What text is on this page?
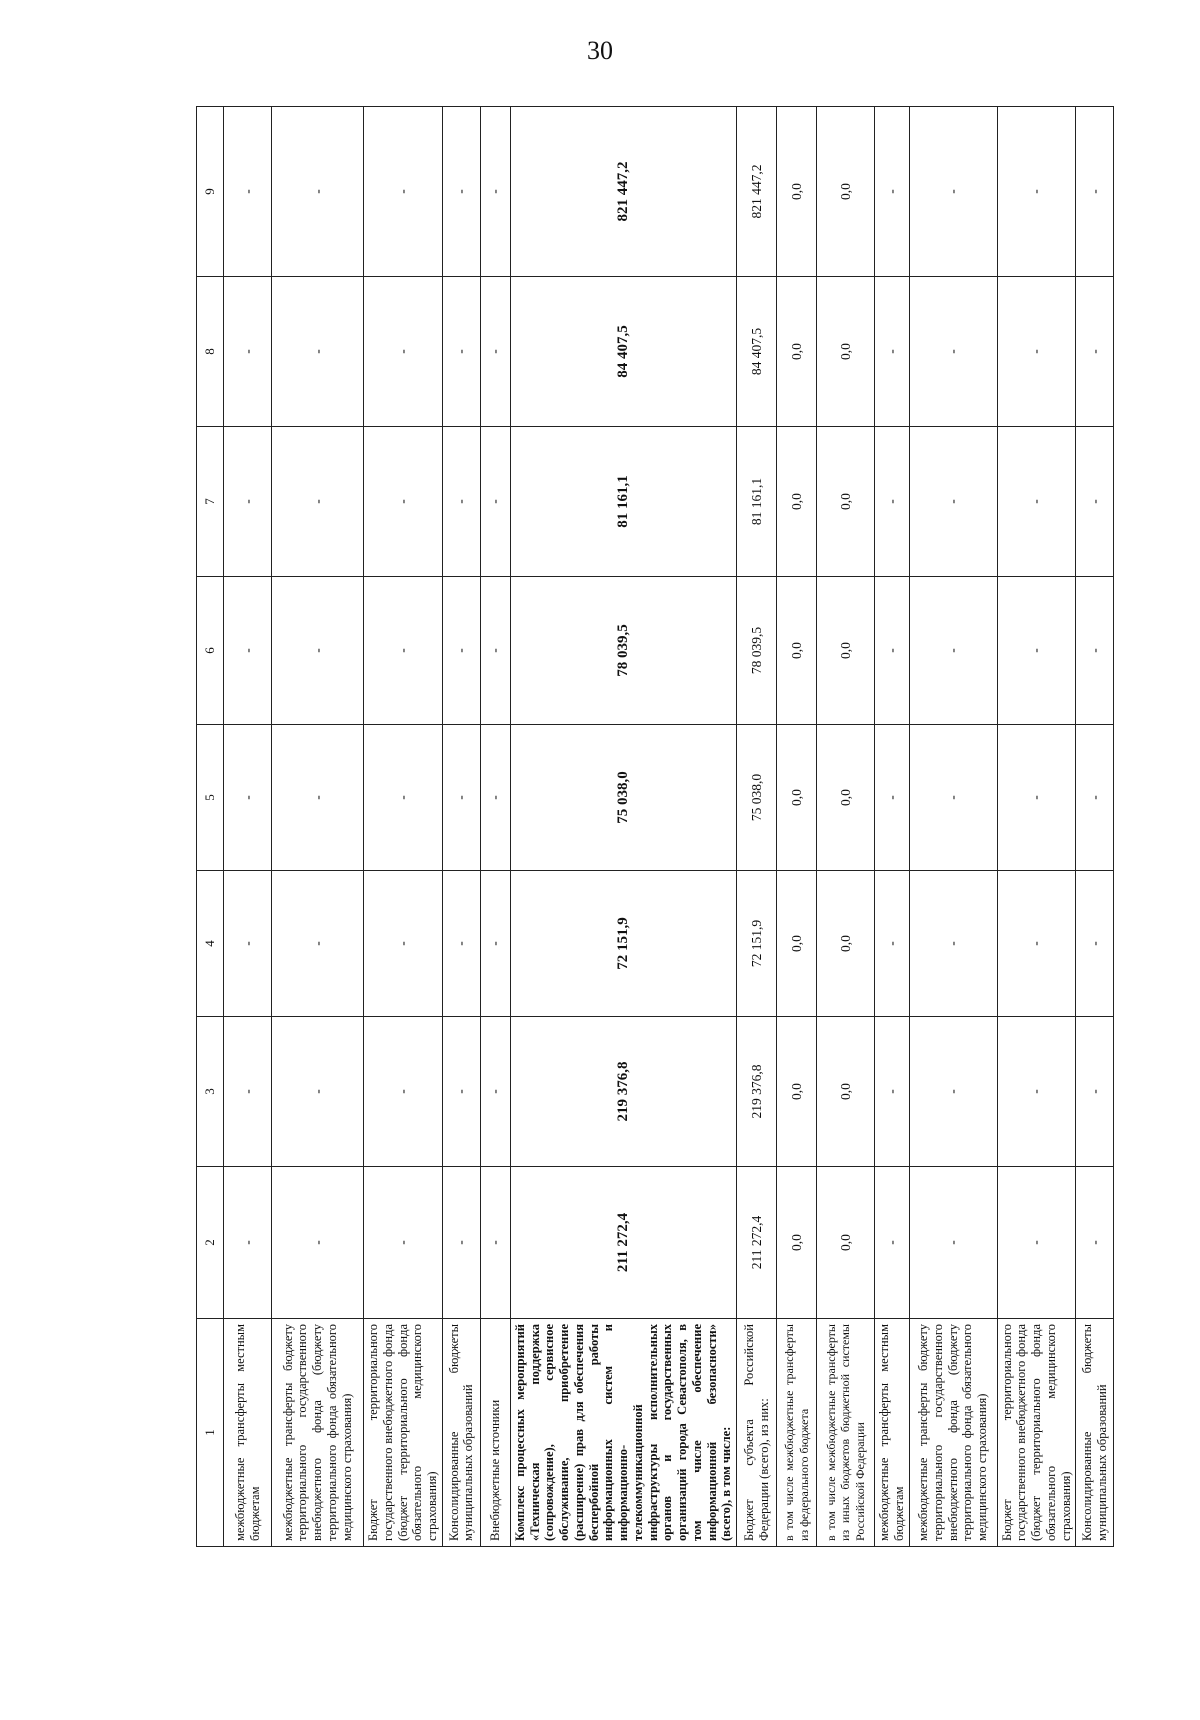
30
1	2	3	4	5	6	7	8	9
межбюджетные трансферты местным бюджетам	-	-	-	-	-	-	-	-
межбюджетные трансферты бюджету территориального государственного внебюджетного фонда (бюджету территориального фонда обязательного медицинского страхования)	-	-	-	-	-	-	-	-
Бюджет территориального государственного внебюджетного фонда (бюджет территориального фонда обязательного медицинского страхования)	-	-	-	-	-	-	-	-
Консолидированные бюджеты муниципальных образований	-	-	-	-	-	-	-	-
Внебюджетные источники	-	-	-	-	-	-	-	-
Комплекс процессных мероприятий «Техническая поддержка (сопровождение), сервисное обслуживание, приобретение (расширение) прав для обеспечения беспербойной работы информационных систем и информационно-телекоммуникационной инфраструктуры исполнительных органов и государственных организаций города Севастополя, в том числе обеспечение информационной безопасности» (всего), в том числе:	211 272,4	219 376,8	72 151,9	75 038,0	78 039,5	81 161,1	84 407,5	821 447,2
Бюджет субъекта Российской Федерации (всего), из них:	211 272,4	219 376,8	72 151,9	75 038,0	78 039,5	81 161,1	84 407,5	821 447,2
в том числе межбюджетные трансферты из федерального бюджета	0,0	0,0	0,0	0,0	0,0	0,0	0,0	0,0
в том числе межбюджетные трансферты из иных бюджетов бюджетной системы Российской Федерации	0,0	0,0	0,0	0,0	0,0	0,0	0,0	0,0
межбюджетные трансферты местным бюджетам	-	-	-	-	-	-	-	-
межбюджетные трансферты бюджету территориального государственного внебюджетного фонда (бюджету территориального фонда обязательного медицинского страхования)	-	-	-	-	-	-	-	-
Бюджет территориального государственного внебюджетного фонда (бюджет территориального фонда обязательного медицинского страхования)	-	-	-	-	-	-	-	-
Консолидированные бюджеты муниципальных образований	-	-	-	-	-	-	-	-
